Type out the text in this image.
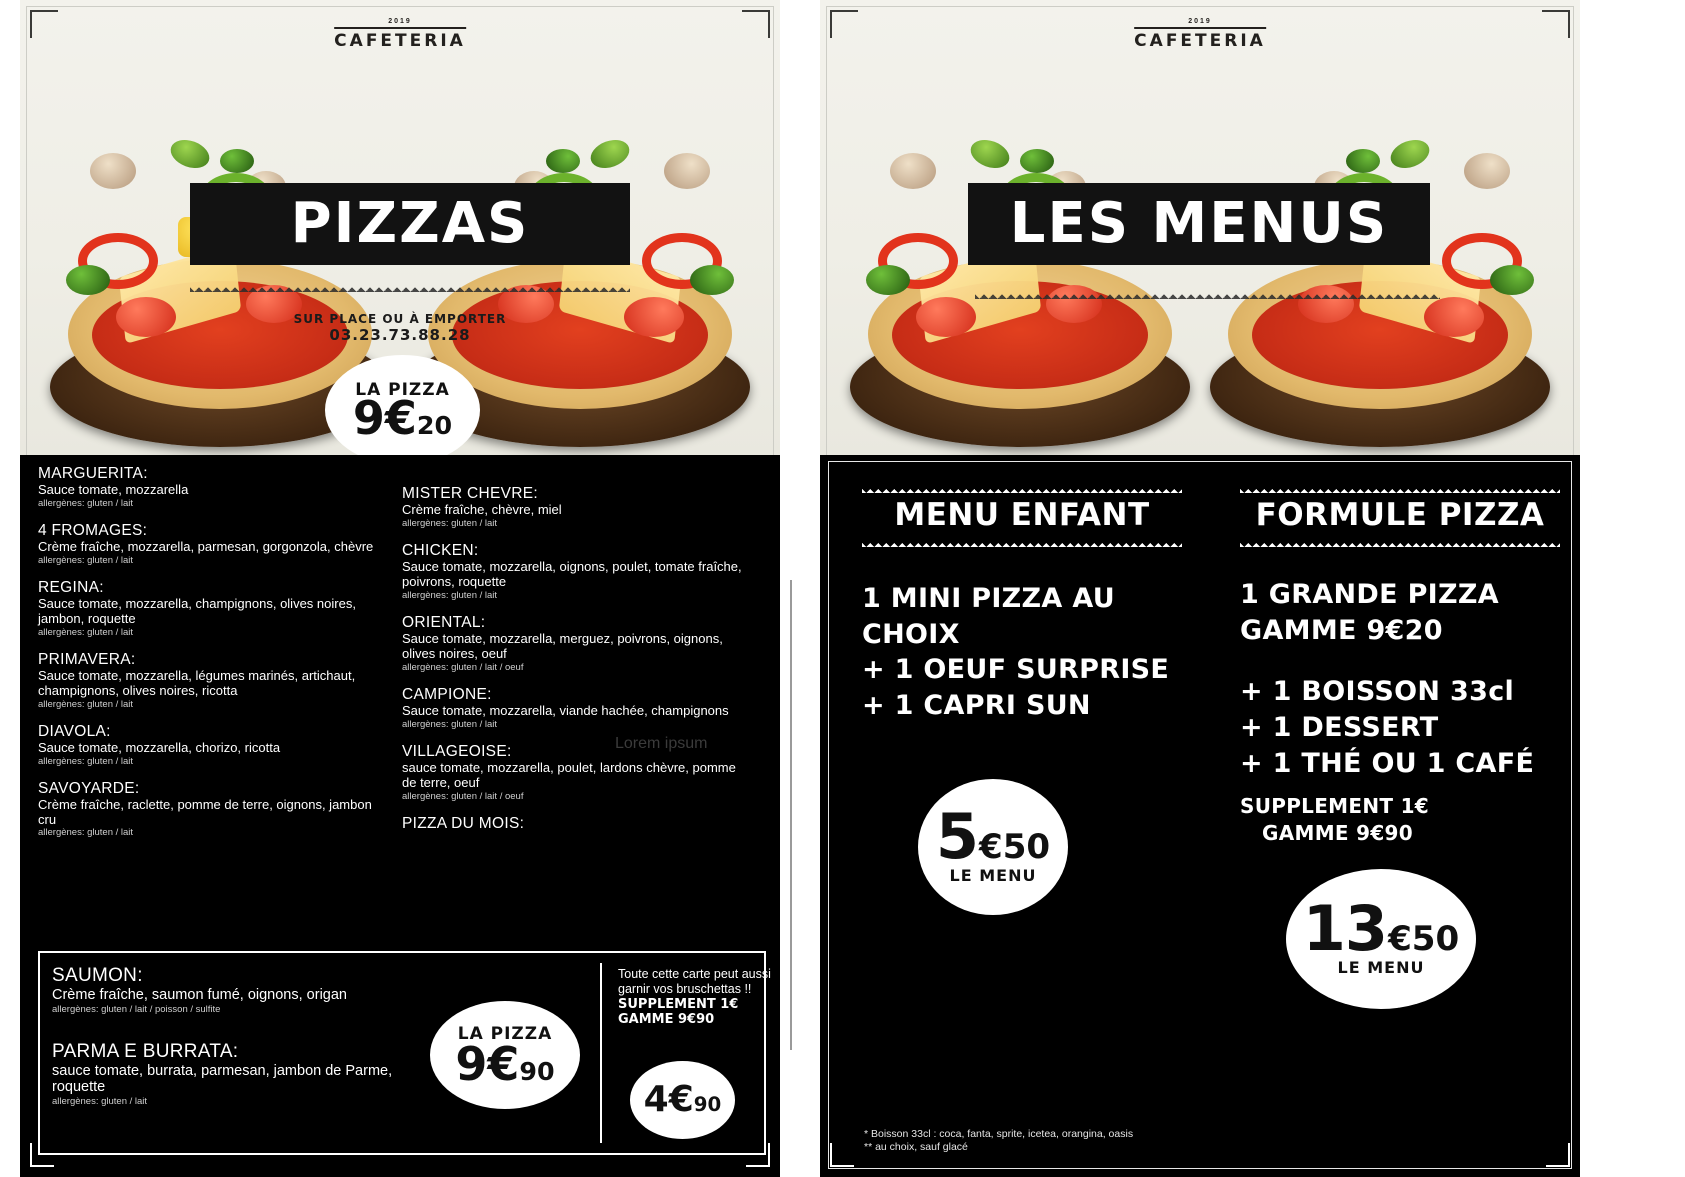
2019
CAFETERIA
PIZZAS
SUR PLACE OU À EMPORTER
03.23.73.88.28
LA PIZZA
9 € 20
Lorem ipsum
MARGUERITA:
Sauce tomate, mozzarella
allergènes: gluten / lait
4 FROMAGES:
Crème fraîche, mozzarella, parmesan, gorgonzola, chèvre
allergènes: gluten / lait
REGINA:
Sauce tomate, mozzarella, champignons, olives noires, jambon, roquette
allergènes: gluten / lait
PRIMAVERA:
Sauce tomate, mozzarella, légumes marinés, artichaut, champignons, olives noires, ricotta
allergènes: gluten / lait
DIAVOLA:
Sauce tomate, mozzarella, chorizo, ricotta
allergènes: gluten / lait
SAVOYARDE:
Crème fraîche, raclette, pomme de terre, oignons, jambon cru
allergènes: gluten / lait
MISTER CHEVRE:
Crème fraîche, chèvre, miel
allergènes: gluten / lait
CHICKEN:
Sauce tomate, mozzarella, oignons, poulet, tomate fraîche, poivrons, roquette
allergènes: gluten / lait
ORIENTAL:
Sauce tomate, mozzarella, merguez, poivrons, oignons, olives noires, oeuf
allergènes: gluten / lait / oeuf
CAMPIONE:
Sauce tomate, mozzarella, viande hachée, champignons
allergènes: gluten / lait
VILLAGEOISE:
sauce tomate, mozzarella, poulet, lardons chèvre, pomme de terre, oeuf
allergènes: gluten / lait / oeuf
PIZZA DU MOIS:
SAUMON:
Crème fraîche, saumon fumé, oignons, origan
allergènes: gluten / lait / poisson / sulfite
PARMA E BURRATA:
sauce tomate, burrata, parmesan, jambon de Parme, roquette
allergènes: gluten / lait
LA PIZZA
9 € 90
Toute cette carte peut aussi garnir vos bruschettas !!
SUPPLEMENT 1€
GAMME 9€90
4 € 90
2019
CAFETERIA
LES MENUS
MENU ENFANT
1 MINI PIZZA AU CHOIX
+ 1 OEUF SURPRISE
+ 1 CAPRI SUN
5 € 50
LE MENU
FORMULE PIZZA
1 GRANDE PIZZA
GAMME 9€20
+ 1 BOISSON 33cl
+ 1 DESSERT
+ 1 THÉ OU 1 CAFÉ
SUPPLEMENT 1€
GAMME 9€90
13 € 50
LE MENU
* Boisson 33cl : coca, fanta, sprite, icetea, orangina, oasis
** au choix, sauf glacé
